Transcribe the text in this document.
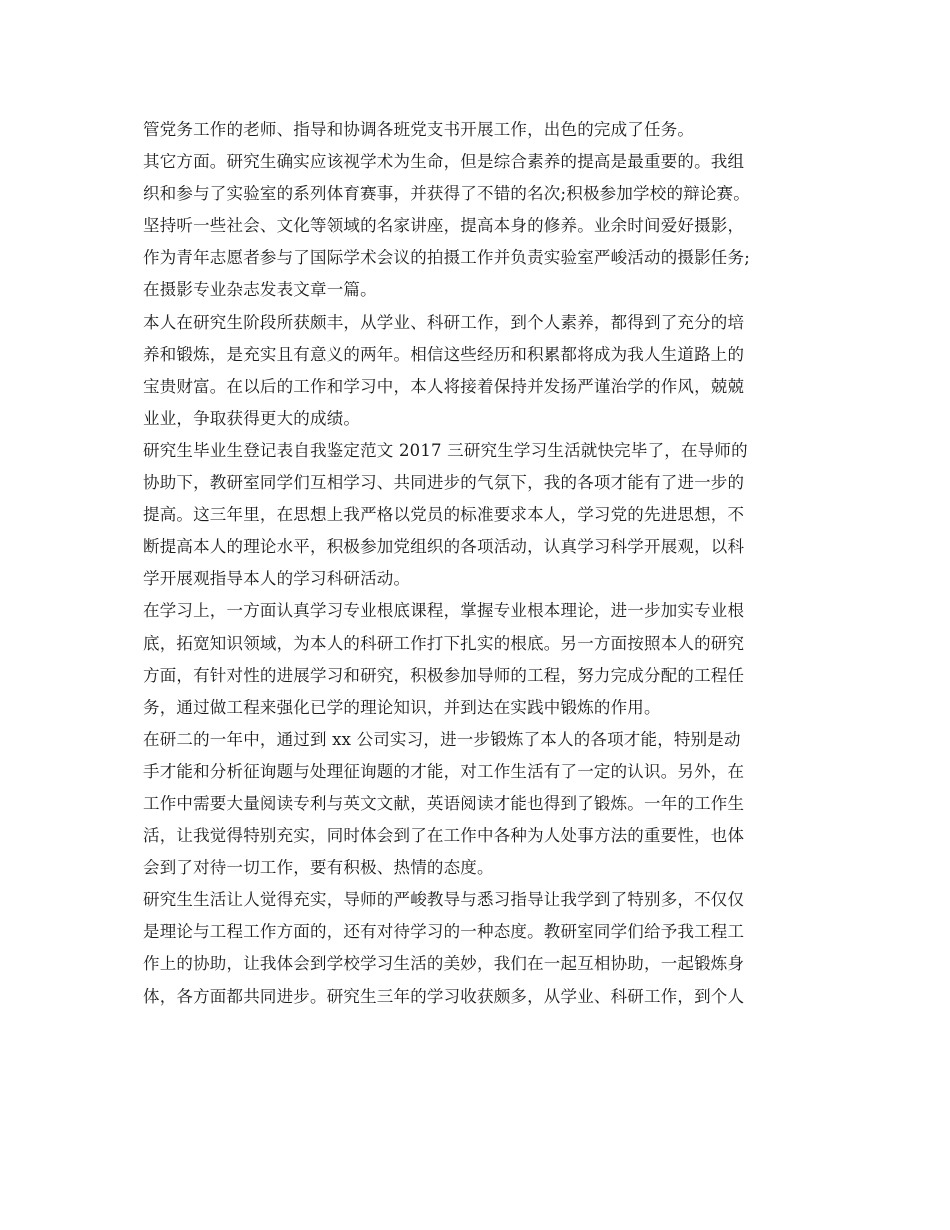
管党务工作的老师、指导和协调各班党支书开展工作，出色的完成了任务。
其它方面。研究生确实应该视学术为生命，但是综合素养的提高是最重要的。我组
织和参与了实验室的系列体育赛事，并获得了不错的名次;积极参加学校的辩论赛。
坚持听一些社会、文化等领域的名家讲座，提高本身的修养。业余时间爱好摄影，
作为青年志愿者参与了国际学术会议的拍摄工作并负责实验室严峻活动的摄影任务;
在摄影专业杂志发表文章一篇。
本人在研究生阶段所获颇丰，从学业、科研工作，到个人素养，都得到了充分的培
养和锻炼，是充实且有意义的两年。相信这些经历和积累都将成为我人生道路上的
宝贵财富。在以后的工作和学习中，本人将接着保持并发扬严谨治学的作风，兢兢
业业，争取获得更大的成绩。
研究生毕业生登记表自我鉴定范文 2017 三研究生学习生活就快完毕了，在导师的
协助下，教研室同学们互相学习、共同进步的气氛下，我的各项才能有了进一步的
提高。这三年里，在思想上我严格以党员的标准要求本人，学习党的先进思想，不
断提高本人的理论水平，积极参加党组织的各项活动，认真学习科学开展观，以科
学开展观指导本人的学习科研活动。
在学习上，一方面认真学习专业根底课程，掌握专业根本理论，进一步加实专业根
底，拓宽知识领域，为本人的科研工作打下扎实的根底。另一方面按照本人的研究
方面，有针对性的进展学习和研究，积极参加导师的工程，努力完成分配的工程任
务，通过做工程来强化已学的理论知识，并到达在实践中锻炼的作用。
在研二的一年中，通过到 xx 公司实习，进一步锻炼了本人的各项才能，特别是动
手才能和分析征询题与处理征询题的才能，对工作生活有了一定的认识。另外，在
工作中需要大量阅读专利与英文文献，英语阅读才能也得到了锻炼。一年的工作生
活，让我觉得特别充实，同时体会到了在工作中各种为人处事方法的重要性，也体
会到了对待一切工作，要有积极、热情的态度。
研究生生活让人觉得充实，导师的严峻教导与悉习指导让我学到了特别多，不仅仅
是理论与工程工作方面的，还有对待学习的一种态度。教研室同学们给予我工程工
作上的协助，让我体会到学校学习生活的美妙，我们在一起互相协助，一起锻炼身
体，各方面都共同进步。研究生三年的学习收获颇多，从学业、科研工作，到个人
